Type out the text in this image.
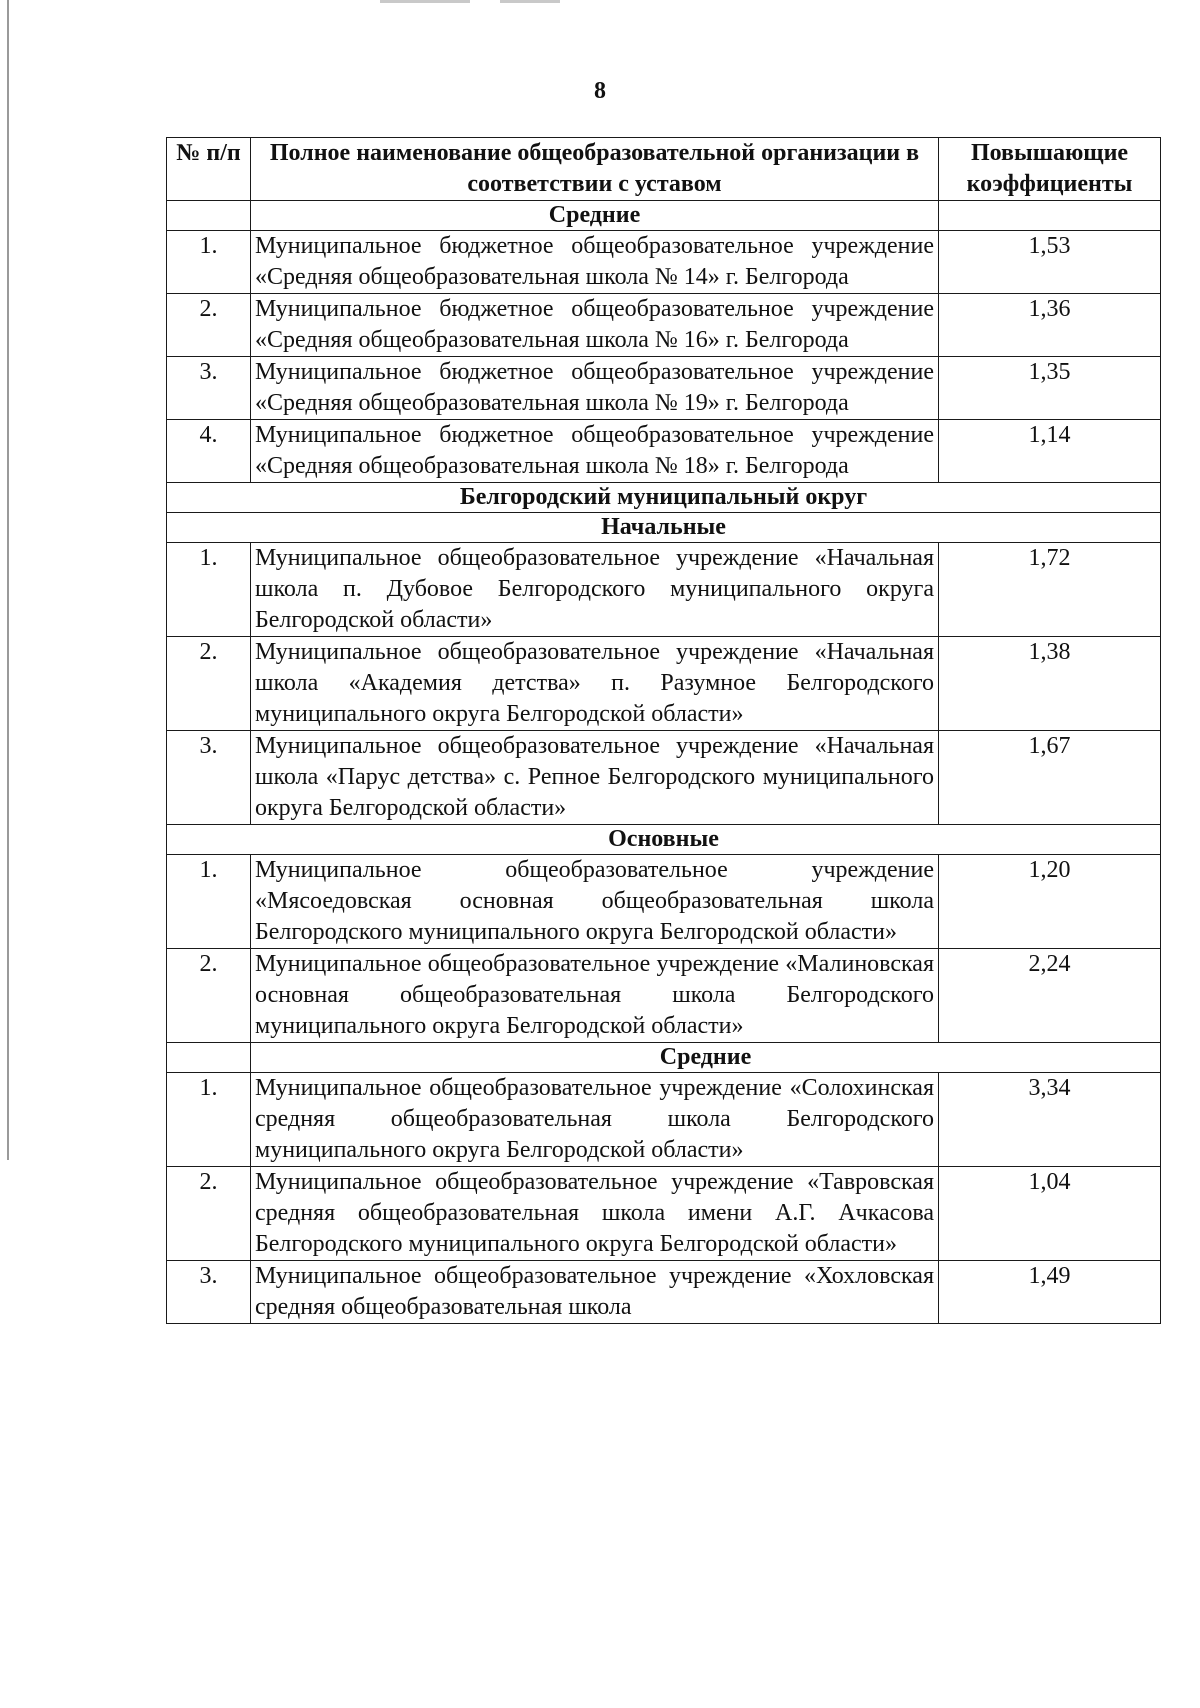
8
№ п/п	Полное наименование общеобразовательной организации в соответствии с уставом	Повышающие коэффициенты
	Средние	
1.	Муниципальное бюджетное общеобразовательное учреждение «Средняя общеобразовательная школа № 14» г. Белгорода	1,53
2.	Муниципальное бюджетное общеобразовательное учреждение «Средняя общеобразовательная школа № 16» г. Белгорода	1,36
3.	Муниципальное бюджетное общеобразовательное учреждение «Средняя общеобразовательная школа № 19» г. Белгорода	1,35
4.	Муниципальное бюджетное общеобразовательное учреждение «Средняя общеобразовательная школа № 18» г. Белгорода	1,14
Белгородский муниципальный округ		
Начальные		
1.	Муниципальное общеобразовательное учреждение «Начальная школа п. Дубовое Белгородского муниципального округа Белгородской области»	1,72
2.	Муниципальное общеобразовательное учреждение «Начальная школа «Академия детства» п. Разумное Белгородского муниципального округа Белгородской области»	1,38
3.	Муниципальное общеобразовательное учреждение «Начальная школа «Парус детства» с. Репное Белгородского муниципального округа Белгородской области»	1,67
Основные		
1.	Муниципальное общеобразовательное учреждение «Мясоедовская основная общеобразовательная школа Белгородского муниципального округа Белгородской области»	1,20
2.	Муниципальное общеобразовательное учреждение «Малиновская основная общеобразовательная школа Белгородского муниципального округа Белгородской области»	2,24
	Средние	
1.	Муниципальное общеобразовательное учреждение «Солохинская средняя общеобразовательная школа Белгородского муниципального округа Белгородской области»	3,34
2.	Муниципальное общеобразовательное учреждение «Тавровская средняя общеобразовательная школа имени А.Г. Ачкасова Белгородского муниципального округа Белгородской области»	1,04
3.	Муниципальное общеобразовательное учреждение «Хохловская средняя общеобразовательная школа	1,49
